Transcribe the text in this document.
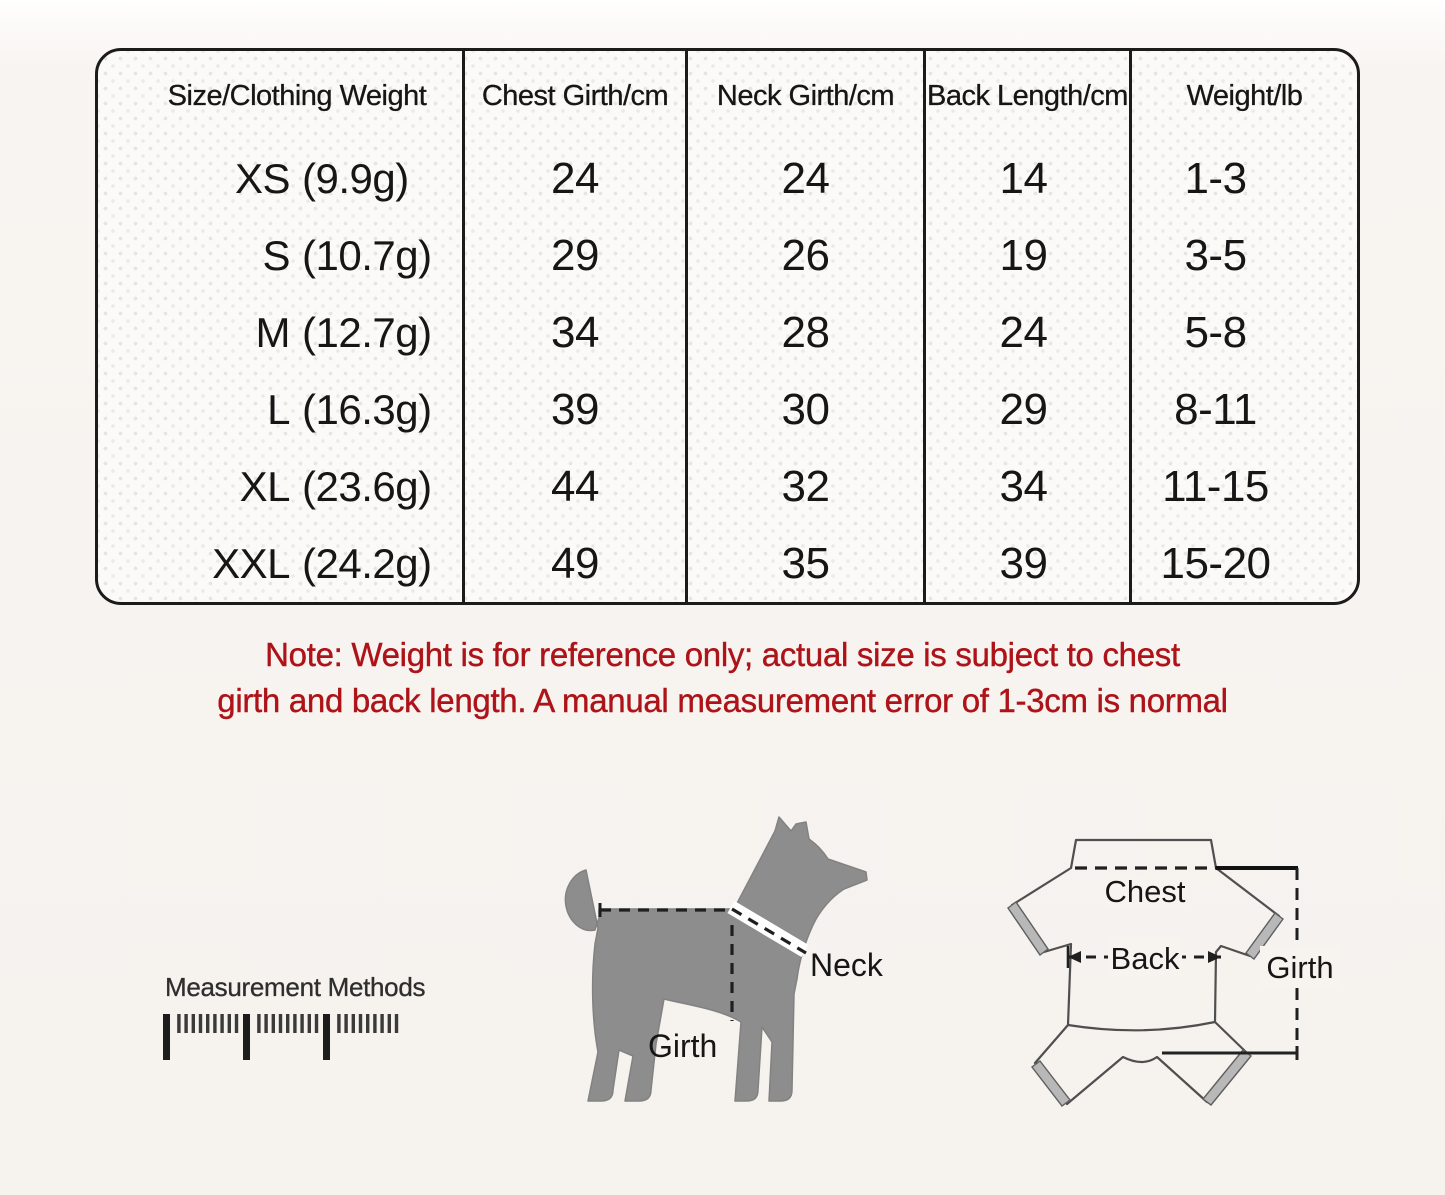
Size/Clothing Weight	Chest Girth/cm	Neck Girth/cm	Back Length/cm	Weight/lb
XS (9.9g)	24	24	14	1-3
S (10.7g)	29	26	19	3-5
M (12.7g)	34	28	24	5-8
L (16.3g)	39	30	29	8-11
XL (23.6g)	44	32	34	11-15
XXL (24.2g)	49	35	39	15-20
Note: Weight is for reference only; actual size is subject to chest
girth and back length. A manual measurement error of 1-3cm is normal
Measurement Methods
Neck
Girth
Chest
Back	Girth
